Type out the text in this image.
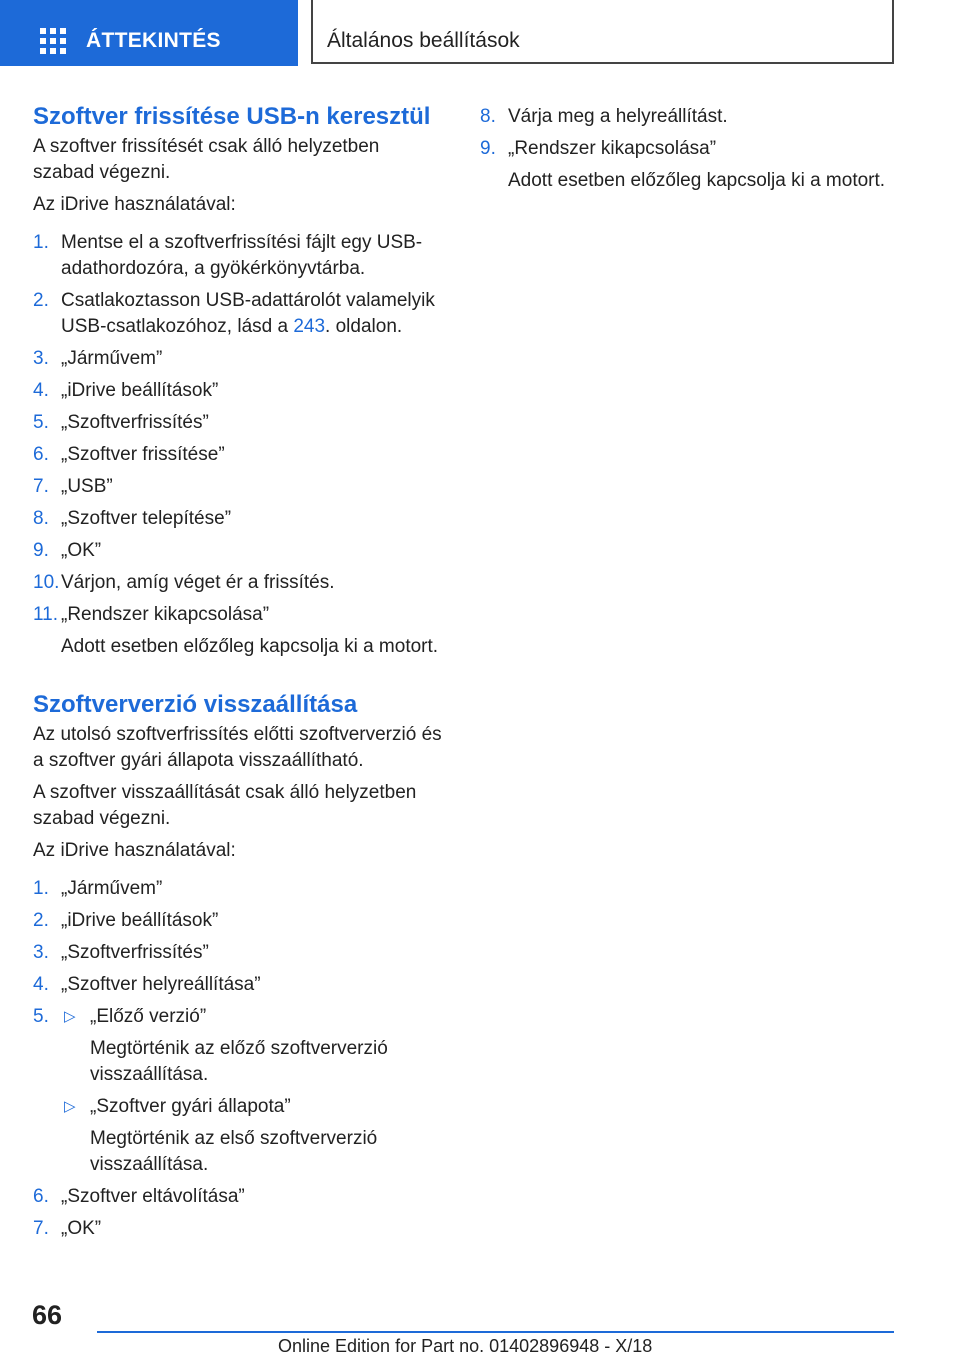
ÁTTEKINTÉS	Általános beállítások
Szoftver frissítése USB-n keresztül

A szoftver frissítését csak álló helyzetben szabad végezni.

Az iDrive használatával:

1. Mentse el a szoftverfrissítési fájlt egy USB-adathordozóra, a gyökérkönyvtárba.
2. Csatlakoztasson USB-adattárolót valamelyik USB-csatlakozóhoz, lásd a 243. oldalon.
3. „Járművem”
4. „iDrive beállítások”
5. „Szoftverfrissítés”
6. „Szoftver frissítése”
7. „USB”
8. „Szoftver telepítése”
9. „OK”
10. Várjon, amíg véget ér a frissítés.
11. „Rendszer kikapcsolása”
Adott esetben előzőleg kapcsolja ki a motort.
Szoftververzió visszaállítása

Az utolsó szoftverfrissítés előtti szoftververzió és a szoftver gyári állapota visszaállítható.

A szoftver visszaállítását csak álló helyzetben szabad végezni.

Az iDrive használatával:

1. „Járművem”
2. „iDrive beállítások”
3. „Szoftverfrissítés”
4. „Szoftver helyreállítása”
5. ▷ „Előző verzió”
Megtörténik az előző szoftververzió visszaállítása.
▷ „Szoftver gyári állapota”
Megtörténik az első szoftververzió visszaállítása.
6. „Szoftver eltávolítása”
7. „OK”
8. Várja meg a helyreállítást.
9. „Rendszer kikapcsolása”
Adott esetben előzőleg kapcsolja ki a motort.
66
Online Edition for Part no. 01402896948 - X/18
